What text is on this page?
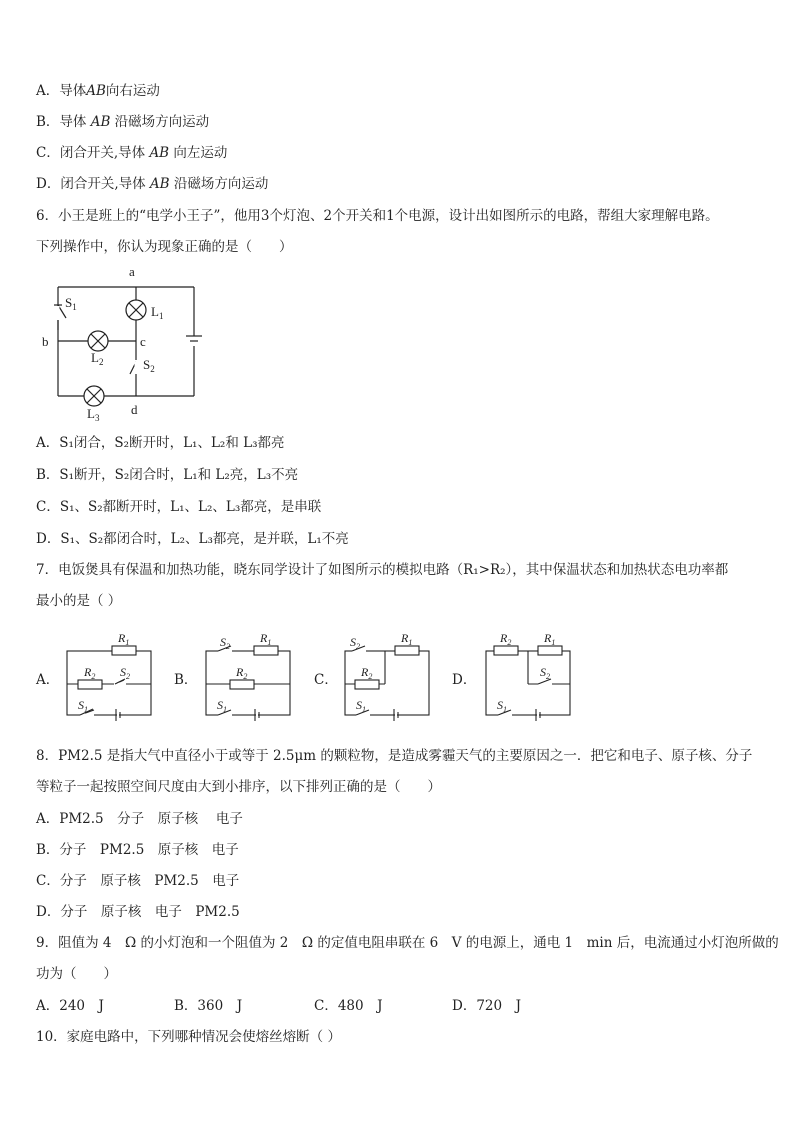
A．导体AB向右运动
B．导体 AB 沿磁场方向运动
C．闭合开关,导体 AB 向左运动
D．闭合开关,导体 AB 沿磁场方向运动
6．小王是班上的“电学小王子”，他用3个灯泡、2个开关和1个电源，设计出如图所示的电路，帮组大家理解电路。
下列操作中，你认为现象正确的是（　　）
a
b	c
d
$S_1$
$S_2$
$L_1$
$L_2$
$L_3$
A．S₁闭合，S₂断开时，L₁、L₂和 L₃都亮
B．S₁断开，S₂闭合时，L₁和 L₂亮，L₃不亮
C．S₁、S₂都断开时，L₁、L₂、L₃都亮，是串联
D．S₁、S₂都闭合时，L₂、L₃都亮，是并联，L₁不亮
7．电饭煲具有保温和加热功能，晓东同学设计了如图所示的模拟电路（R₁>R₂），其中保温状态和加热状态电功率都
最小的是（ ）
A．	B．	C．	D．
$R_1$
$R_2$ $S_2$
$S_1$
$S_2$
$R_1$
$R_2$
$S_1$
$S_2$
$R_1$
$R_2$
$S_1$
$R_2$	$R_1$
$S_2$
$S_1$
8．PM2.5 是指大气中直径小于或等于 2.5μm 的颗粒物，是造成雾霾天气的主要原因之一．把它和电子、原子核、分子
等粒子一起按照空间尺度由大到小排序，以下排列正确的是（　　）
A．PM2.5　分子　原子核　 电子
B．分子　PM2.5　原子核　电子
C．分子　原子核　PM2.5　电子
D．分子　原子核　电子　PM2.5
9．阻值为 4　Ω 的小灯泡和一个阻值为 2　Ω 的定值电阻串联在 6　V 的电源上，通电 1　min 后，电流通过小灯泡所做的
功为（　　）
A．240　J	B．360　J	C．480　J	D．720　J
10．家庭电路中，下列哪种情况会使熔丝熔断（ ）
